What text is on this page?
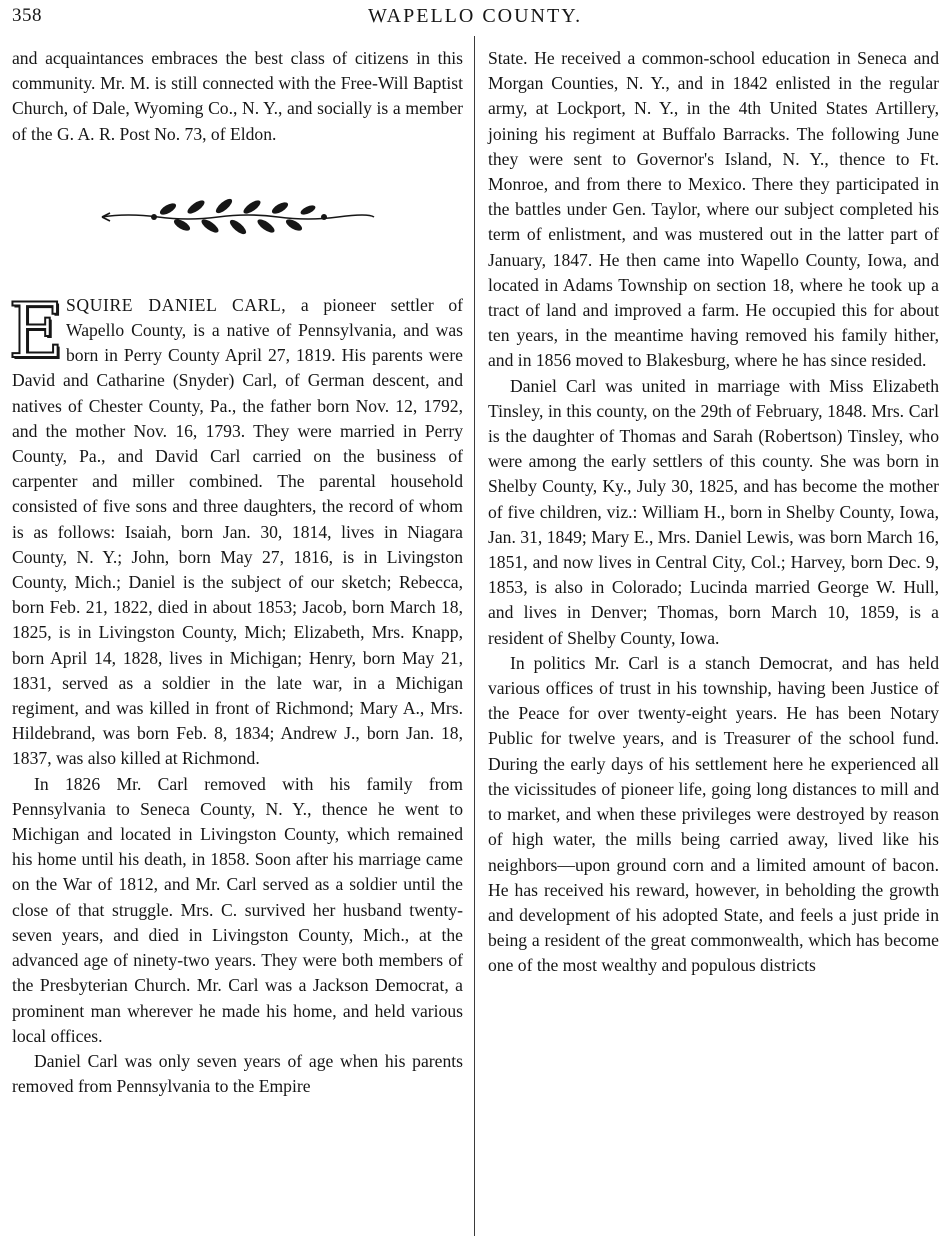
358	WAPELLO COUNTY.

and acquaintances embraces the best class of citizens in this community. Mr. M. is still connected with the Free-Will Baptist Church, of Dale, Wyoming Co., N. Y., and socially is a member of the G. A. R. Post No. 73, of Eldon.

ESQUIRE DANIEL CARL, a pioneer settler of Wapello County, is a native of Pennsylvania, and was born in Perry County April 27, 1819. His parents were David and Catharine (Snyder) Carl, of German descent, and natives of Chester County, Pa., the father born Nov. 12, 1792, and the mother Nov. 16, 1793. They were married in Perry County, Pa., and David Carl carried on the business of carpenter and miller combined. The parental household consisted of five sons and three daughters, the record of whom is as follows: Isaiah, born Jan. 30, 1814, lives in Niagara County, N. Y.; John, born May 27, 1816, is in Livingston County, Mich.; Daniel is the subject of our sketch; Rebecca, born Feb. 21, 1822, died in about 1853; Jacob, born March 18, 1825, is in Livingston County, Mich; Elizabeth, Mrs. Knapp, born April 14, 1828, lives in Michigan; Henry, born May 21, 1831, served as a soldier in the late war, in a Michigan regiment, and was killed in front of Richmond; Mary A., Mrs. Hildebrand, was born Feb. 8, 1834; Andrew J., born Jan. 18, 1837, was also killed at Richmond.

In 1826 Mr. Carl removed with his family from Pennsylvania to Seneca County, N. Y., thence he went to Michigan and located in Livingston County, which remained his home until his death, in 1858. Soon after his marriage came on the War of 1812, and Mr. Carl served as a soldier until the close of that struggle. Mrs. C. survived her husband twenty-seven years, and died in Livingston County, Mich., at the advanced age of ninety-two years. They were both members of the Presbyterian Church. Mr. Carl was a Jackson Democrat, a prominent man wherever he made his home, and held various local offices.

Daniel Carl was only seven years of age when his parents removed from Pennsylvania to the Empire

State. He received a common-school education in Seneca and Morgan Counties, N. Y., and in 1842 enlisted in the regular army, at Lockport, N. Y., in the 4th United States Artillery, joining his regiment at Buffalo Barracks. The following June they were sent to Governor's Island, N. Y., thence to Ft. Monroe, and from there to Mexico. There they participated in the battles under Gen. Taylor, where our subject completed his term of enlistment, and was mustered out in the latter part of January, 1847. He then came into Wapello County, Iowa, and located in Adams Township on section 18, where he took up a tract of land and improved a farm. He occupied this for about ten years, in the meantime having removed his family hither, and in 1856 moved to Blakesburg, where he has since resided.

Daniel Carl was united in marriage with Miss Elizabeth Tinsley, in this county, on the 29th of February, 1848. Mrs. Carl is the daughter of Thomas and Sarah (Robertson) Tinsley, who were among the early settlers of this county. She was born in Shelby County, Ky., July 30, 1825, and has become the mother of five children, viz.: William H., born in Shelby County, Iowa, Jan. 31, 1849; Mary E., Mrs. Daniel Lewis, was born March 16, 1851, and now lives in Central City, Col.; Harvey, born Dec. 9, 1853, is also in Colorado; Lucinda married George W. Hull, and lives in Denver; Thomas, born March 10, 1859, is a resident of Shelby County, Iowa.

In politics Mr. Carl is a stanch Democrat, and has held various offices of trust in his township, having been Justice of the Peace for over twenty-eight years. He has been Notary Public for twelve years, and is Treasurer of the school fund. During the early days of his settlement here he experienced all the vicissitudes of pioneer life, going long distances to mill and to market, and when these privileges were destroyed by reason of high water, the mills being carried away, lived like his neighbors—upon ground corn and a limited amount of bacon. He has received his reward, however, in beholding the growth and development of his adopted State, and feels a just pride in being a resident of the great commonwealth, which has become one of the most wealthy and populous districts
